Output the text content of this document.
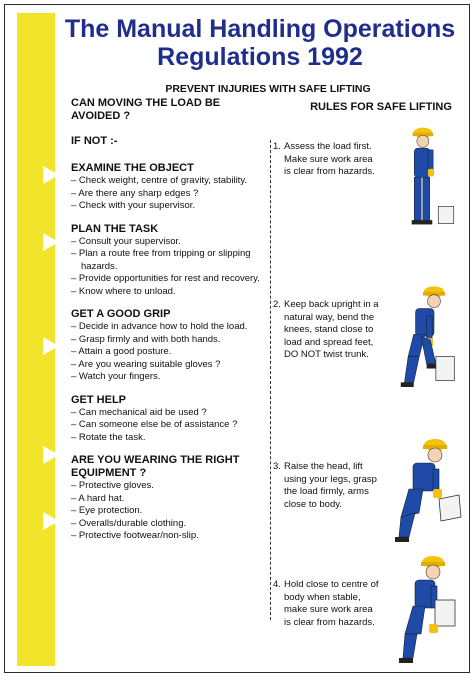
The Manual Handling Operations
Regulations 1992
PREVENT INJURIES WITH SAFE LIFTING
CAN MOVING THE LOAD BE AVOIDED ?
IF NOT :-
EXAMINE THE OBJECT
– Check weight, centre of gravity, stability.
– Are there any sharp edges ?
– Check with your supervisor.
PLAN THE TASK
– Consult your supervisor.
– Plan a route free from tripping or slipping hazards.
– Provide opportunities for rest and recovery.
– Know where to unload.
GET A GOOD GRIP
– Decide in advance how to hold the load.
– Grasp firmly and with both hands.
– Attain a good posture.
– Are you wearing suitable gloves ?
– Watch your fingers.
GET HELP
– Can mechanical aid be used ?
– Can someone else be of assistance ?
– Rotate the task.
ARE YOU WEARING THE RIGHT EQUIPMENT ?
– Protective gloves.
– A hard hat.
– Eye protection.
– Overalls/durable clothing.
– Protective footwear/non-slip.
RULES FOR SAFE LIFTING
1. Assess the load first. Make sure work area is clear from hazards.
2. Keep back upright in a natural way, bend the knees, stand close to load and spread feet, DO NOT twist trunk.
3. Raise the head, lift using your legs, grasp the load firmly, arms close to body.
4. Hold close to centre of body when stable, make sure work area is clear from hazards.
